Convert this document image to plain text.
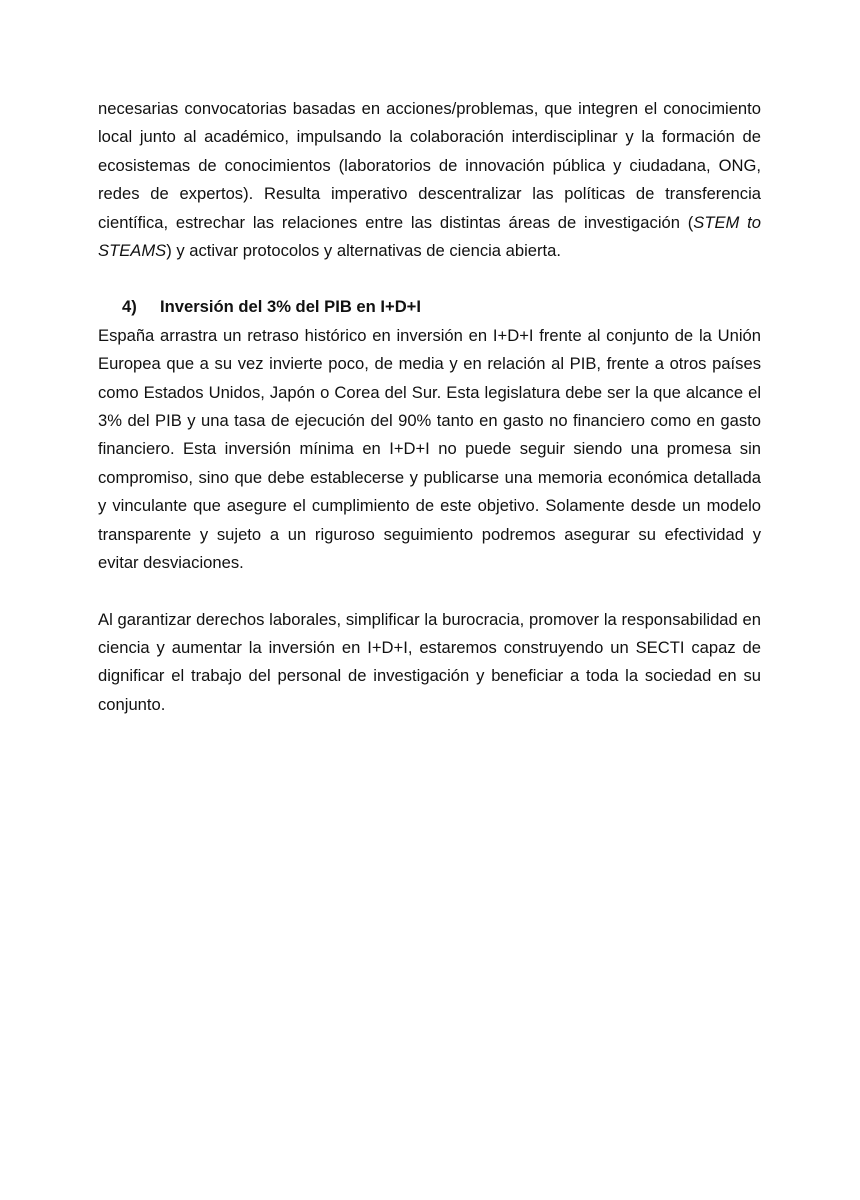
necesarias convocatorias basadas en acciones/problemas, que integren el conocimiento local junto al académico, impulsando la colaboración interdisciplinar y la formación de ecosistemas de conocimientos (laboratorios de innovación pública y ciudadana, ONG, redes de expertos). Resulta imperativo descentralizar las políticas de transferencia científica, estrechar las relaciones entre las distintas áreas de investigación (STEM to STEAMS) y activar protocolos y alternativas de ciencia abierta.

4)	Inversión del 3% del PIB en I+D+I

España arrastra un retraso histórico en inversión en I+D+I frente al conjunto de la Unión Europea que a su vez invierte poco, de media y en relación al PIB, frente a otros países como Estados Unidos, Japón o Corea del Sur. Esta legislatura debe ser la que alcance el 3% del PIB y una tasa de ejecución del 90% tanto en gasto no financiero como en gasto financiero. Esta inversión mínima en I+D+I no puede seguir siendo una promesa sin compromiso, sino que debe establecerse y publicarse una memoria económica detallada y vinculante que asegure el cumplimiento de este objetivo. Solamente desde un modelo transparente y sujeto a un riguroso seguimiento podremos asegurar su efectividad y evitar desviaciones.

Al garantizar derechos laborales, simplificar la burocracia, promover la responsabilidad en ciencia y aumentar la inversión en I+D+I, estaremos construyendo un SECTI capaz de dignificar el trabajo del personal de investigación y beneficiar a toda la sociedad en su conjunto.
